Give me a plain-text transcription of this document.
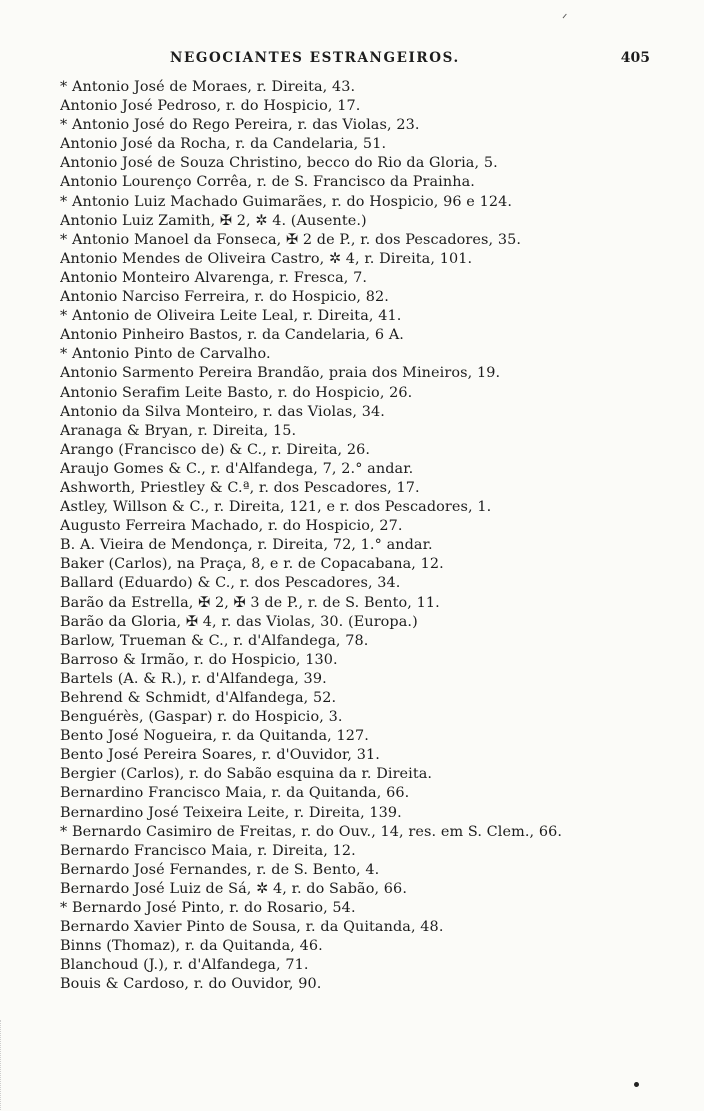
ᐟ
NEGOCIANTES ESTRANGEIROS.	405
* Antonio José de Moraes, r. Direita, 43.
Antonio José Pedroso, r. do Hospicio, 17.
* Antonio José do Rego Pereira, r. das Violas, 23.
Antonio José da Rocha, r. da Candelaria, 51.
Antonio José de Souza Christino, becco do Rio da Gloria, 5.
Antonio Lourenço Corrêa, r. de S. Francisco da Prainha.
* Antonio Luiz Machado Guimarães, r. do Hospicio, 96 e 124.
Antonio Luiz Zamith, ✠ 2, ✲ 4. (Ausente.)
* Antonio Manoel da Fonseca, ✠ 2 de P., r. dos Pescadores, 35.
Antonio Mendes de Oliveira Castro, ✲ 4, r. Direita, 101.
Antonio Monteiro Alvarenga, r. Fresca, 7.
Antonio Narciso Ferreira, r. do Hospicio, 82.
* Antonio de Oliveira Leite Leal, r. Direita, 41.
Antonio Pinheiro Bastos, r. da Candelaria, 6 A.
* Antonio Pinto de Carvalho.
Antonio Sarmento Pereira Brandão, praia dos Mineiros, 19.
Antonio Serafim Leite Basto, r. do Hospicio, 26.
Antonio da Silva Monteiro, r. das Violas, 34.
Aranaga & Bryan, r. Direita, 15.
Arango (Francisco de) & C., r. Direita, 26.
Araujo Gomes & C., r. d'Alfandega, 7, 2.° andar.
Ashworth, Priestley & C.ª, r. dos Pescadores, 17.
Astley, Willson & C., r. Direita, 121, e r. dos Pescadores, 1.
Augusto Ferreira Machado, r. do Hospicio, 27.
B. A. Vieira de Mendonça, r. Direita, 72, 1.° andar.
Baker (Carlos), na Praça, 8, e r. de Copacabana, 12.
Ballard (Eduardo) & C., r. dos Pescadores, 34.
Barão da Estrella, ✠ 2, ✠ 3 de P., r. de S. Bento, 11.
Barão da Gloria, ✠ 4, r. das Violas, 30. (Europa.)
Barlow, Trueman & C., r. d'Alfandega, 78.
Barroso & Irmão, r. do Hospicio, 130.
Bartels (A. & R.), r. d'Alfandega, 39.
Behrend & Schmidt, d'Alfandega, 52.
Benguérès, (Gaspar) r. do Hospicio, 3.
Bento José Nogueira, r. da Quitanda, 127.
Bento José Pereira Soares, r. d'Ouvidor, 31.
Bergier (Carlos), r. do Sabão esquina da r. Direita.
Bernardino Francisco Maia, r. da Quitanda, 66.
Bernardino José Teixeira Leite, r. Direita, 139.
* Bernardo Casimiro de Freitas, r. do Ouv., 14, res. em S. Clem., 66.
Bernardo Francisco Maia, r. Direita, 12.
Bernardo José Fernandes, r. de S. Bento, 4.
Bernardo José Luiz de Sá, ✲ 4, r. do Sabão, 66.
* Bernardo José Pinto, r. do Rosario, 54.
Bernardo Xavier Pinto de Sousa, r. da Quitanda, 48.
Binns (Thomaz), r. da Quitanda, 46.
Blanchoud (J.), r. d'Alfandega, 71.
Bouis & Cardoso, r. do Ouvidor, 90.
